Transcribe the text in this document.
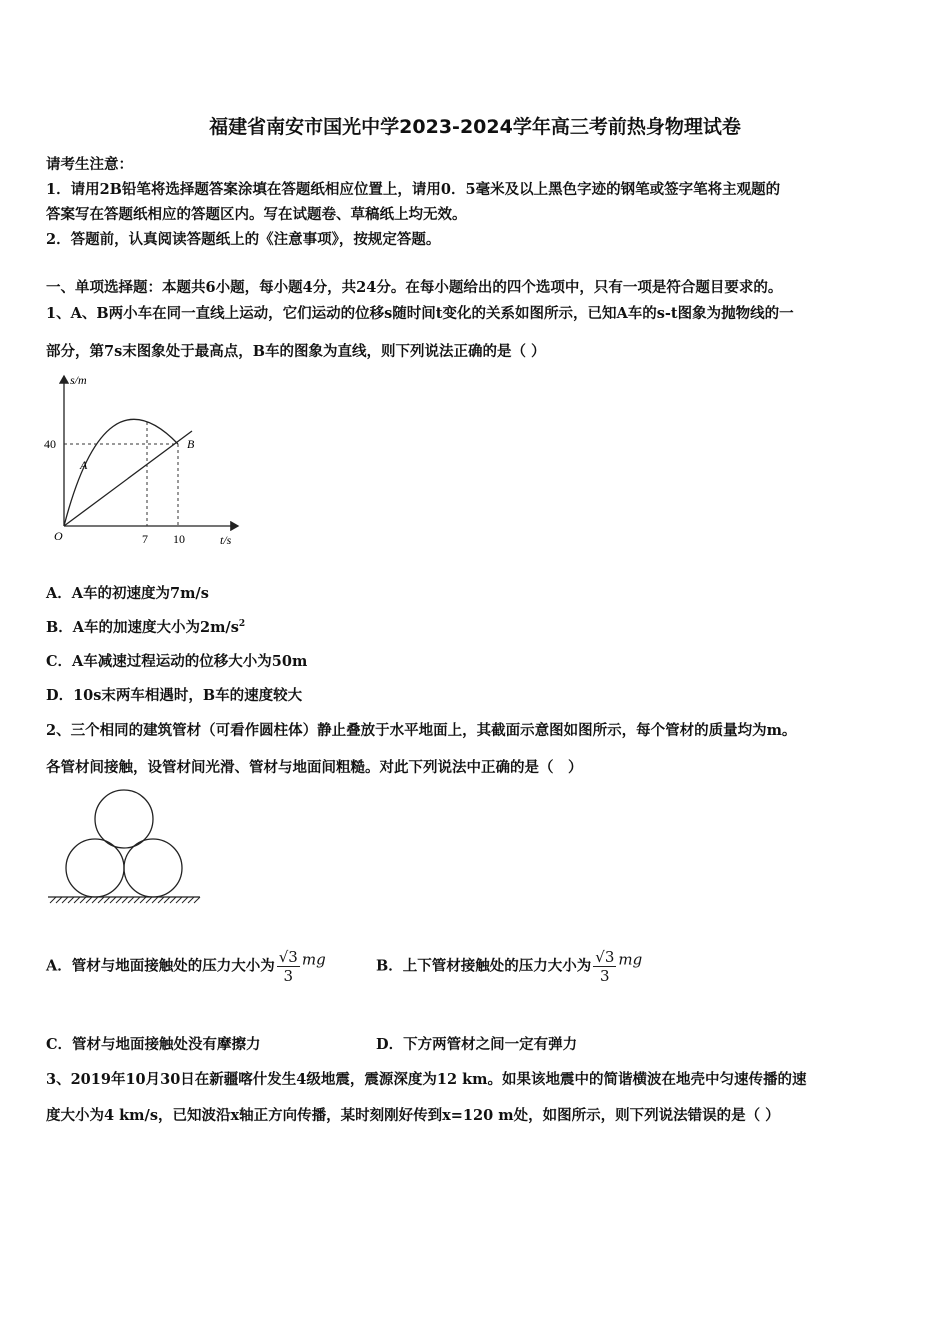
福建省南安市国光中学2023-2024学年高三考前热身物理试卷
请考生注意：
1．请用2B铅笔将选择题答案涂填在答题纸相应位置上，请用0．5毫米及以上黑色字迹的钢笔或签字笔将主观题的
答案写在答题纸相应的答题区内。写在试题卷、草稿纸上均无效。
2．答题前，认真阅读答题纸上的《注意事项》，按规定答题。
一、单项选择题：本题共6小题，每小题4分，共24分。在每小题给出的四个选项中，只有一项是符合题目要求的。
1、A、B两小车在同一直线上运动，它们运动的位移s随时间t变化的关系如图所示，已知A车的s-t图象为抛物线的一
部分，第7s末图象处于最高点，B车的图象为直线，则下列说法正确的是（ ）
s/m
t/s
O
40
7 10
A
B
A．A车的初速度为7m/s
B．A车的加速度大小为$2m/s^2$
C．A车减速过程运动的位移大小为50m
D．10s末两车相遇时，B车的速度较大
2、三个相同的建筑管材（可看作圆柱体）静止叠放于水平地面上，其截面示意图如图所示，每个管材的质量均为m。
各管材间接触，设管材间光滑、管材与地面间粗糙。对此下列说法中正确的是（　）
A．管材与地面接触处的压力大小为 $\frac{√3}{3}$ mg	B．上下管材接触处的压力大小为 $\frac{√3}{3}$ mg
C．管材与地面接触处没有摩擦力	D．下方两管材之间一定有弹力
3、2019年10月30日在新疆喀什发生4级地震，震源深度为12 km。如果该地震中的简谐横波在地壳中匀速传播的速
度大小为4 km/s，已知波沿x轴正方向传播，某时刻刚好传到x=120 m处，如图所示，则下列说法错误的是（ ）
